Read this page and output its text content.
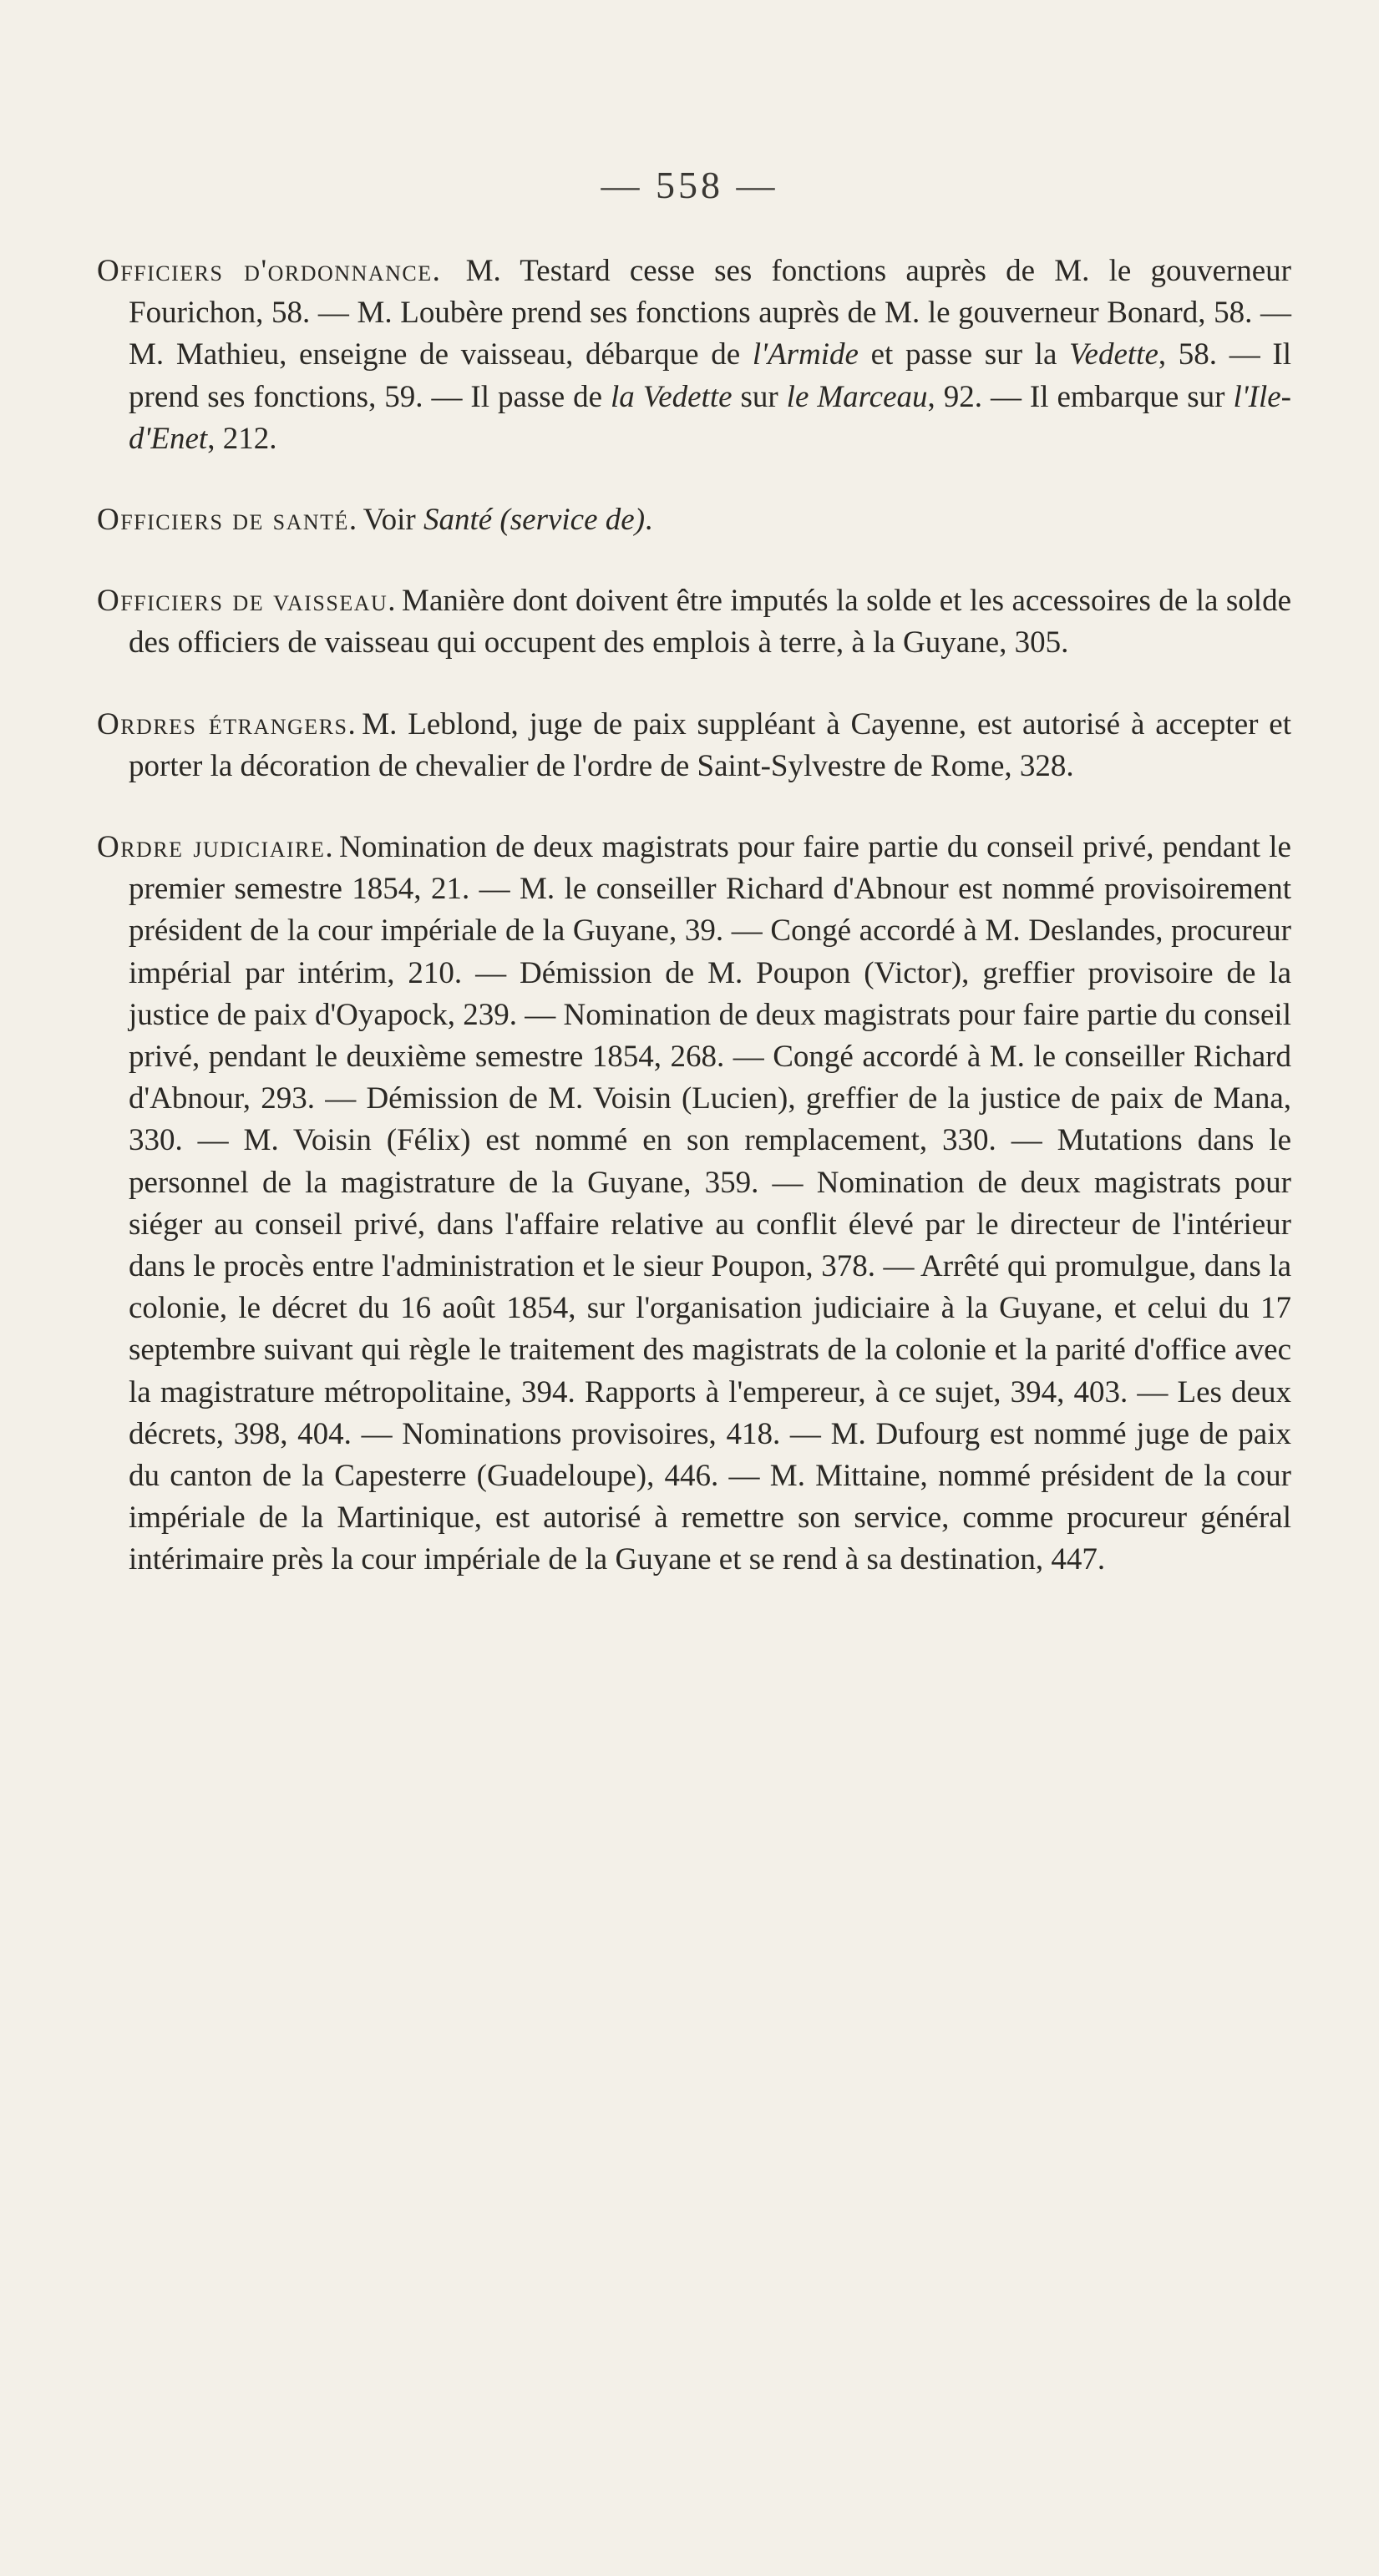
— 558 —

Officiers d'ordonnance. M. Testard cesse ses fonctions auprès de M. le gouverneur Fourichon, 58. — M. Loubère prend ses fonctions auprès de M. le gouverneur Bonard, 58. — M. Mathieu, enseigne de vaisseau, débarque de l'Armide et passe sur la Vedette, 58. — Il prend ses fonctions, 59. — Il passe de la Vedette sur le Marceau, 92. — Il embarque sur l'Ile-d'Enet, 212.

Officiers de santé. Voir Santé (service de).

Officiers de vaisseau. Manière dont doivent être imputés la solde et les accessoires de la solde des officiers de vaisseau qui occupent des emplois à terre, à la Guyane, 305.

Ordres étrangers. M. Leblond, juge de paix suppléant à Cayenne, est autorisé à accepter et porter la décoration de chevalier de l'ordre de Saint-Sylvestre de Rome, 328.

Ordre judiciaire. Nomination de deux magistrats pour faire partie du conseil privé, pendant le premier semestre 1854, 21. — M. le conseiller Richard d'Abnour est nommé provisoirement président de la cour impériale de la Guyane, 39. — Congé accordé à M. Deslandes, procureur impérial par intérim, 210. — Démission de M. Poupon (Victor), greffier provisoire de la justice de paix d'Oyapock, 239. — Nomination de deux magistrats pour faire partie du conseil privé, pendant le deuxième semestre 1854, 268. — Congé accordé à M. le conseiller Richard d'Abnour, 293. — Démission de M. Voisin (Lucien), greffier de la justice de paix de Mana, 330. — M. Voisin (Félix) est nommé en son remplacement, 330. — Mutations dans le personnel de la magistrature de la Guyane, 359. — Nomination de deux magistrats pour siéger au conseil privé, dans l'affaire relative au conflit élevé par le directeur de l'intérieur dans le procès entre l'administration et le sieur Poupon, 378. — Arrêté qui promulgue, dans la colonie, le décret du 16 août 1854, sur l'organisation judiciaire à la Guyane, et celui du 17 septembre suivant qui règle le traitement des magistrats de la colonie et la parité d'office avec la magistrature métropolitaine, 394. Rapports à l'empereur, à ce sujet, 394, 403. — Les deux décrets, 398, 404. — Nominations provisoires, 418. — M. Dufourg est nommé juge de paix du canton de la Capesterre (Guadeloupe), 446. — M. Mittaine, nommé président de la cour impériale de la Martinique, est autorisé à remettre son service, comme procureur général intérimaire près la cour impériale de la Guyane et se rend à sa destination, 447.
